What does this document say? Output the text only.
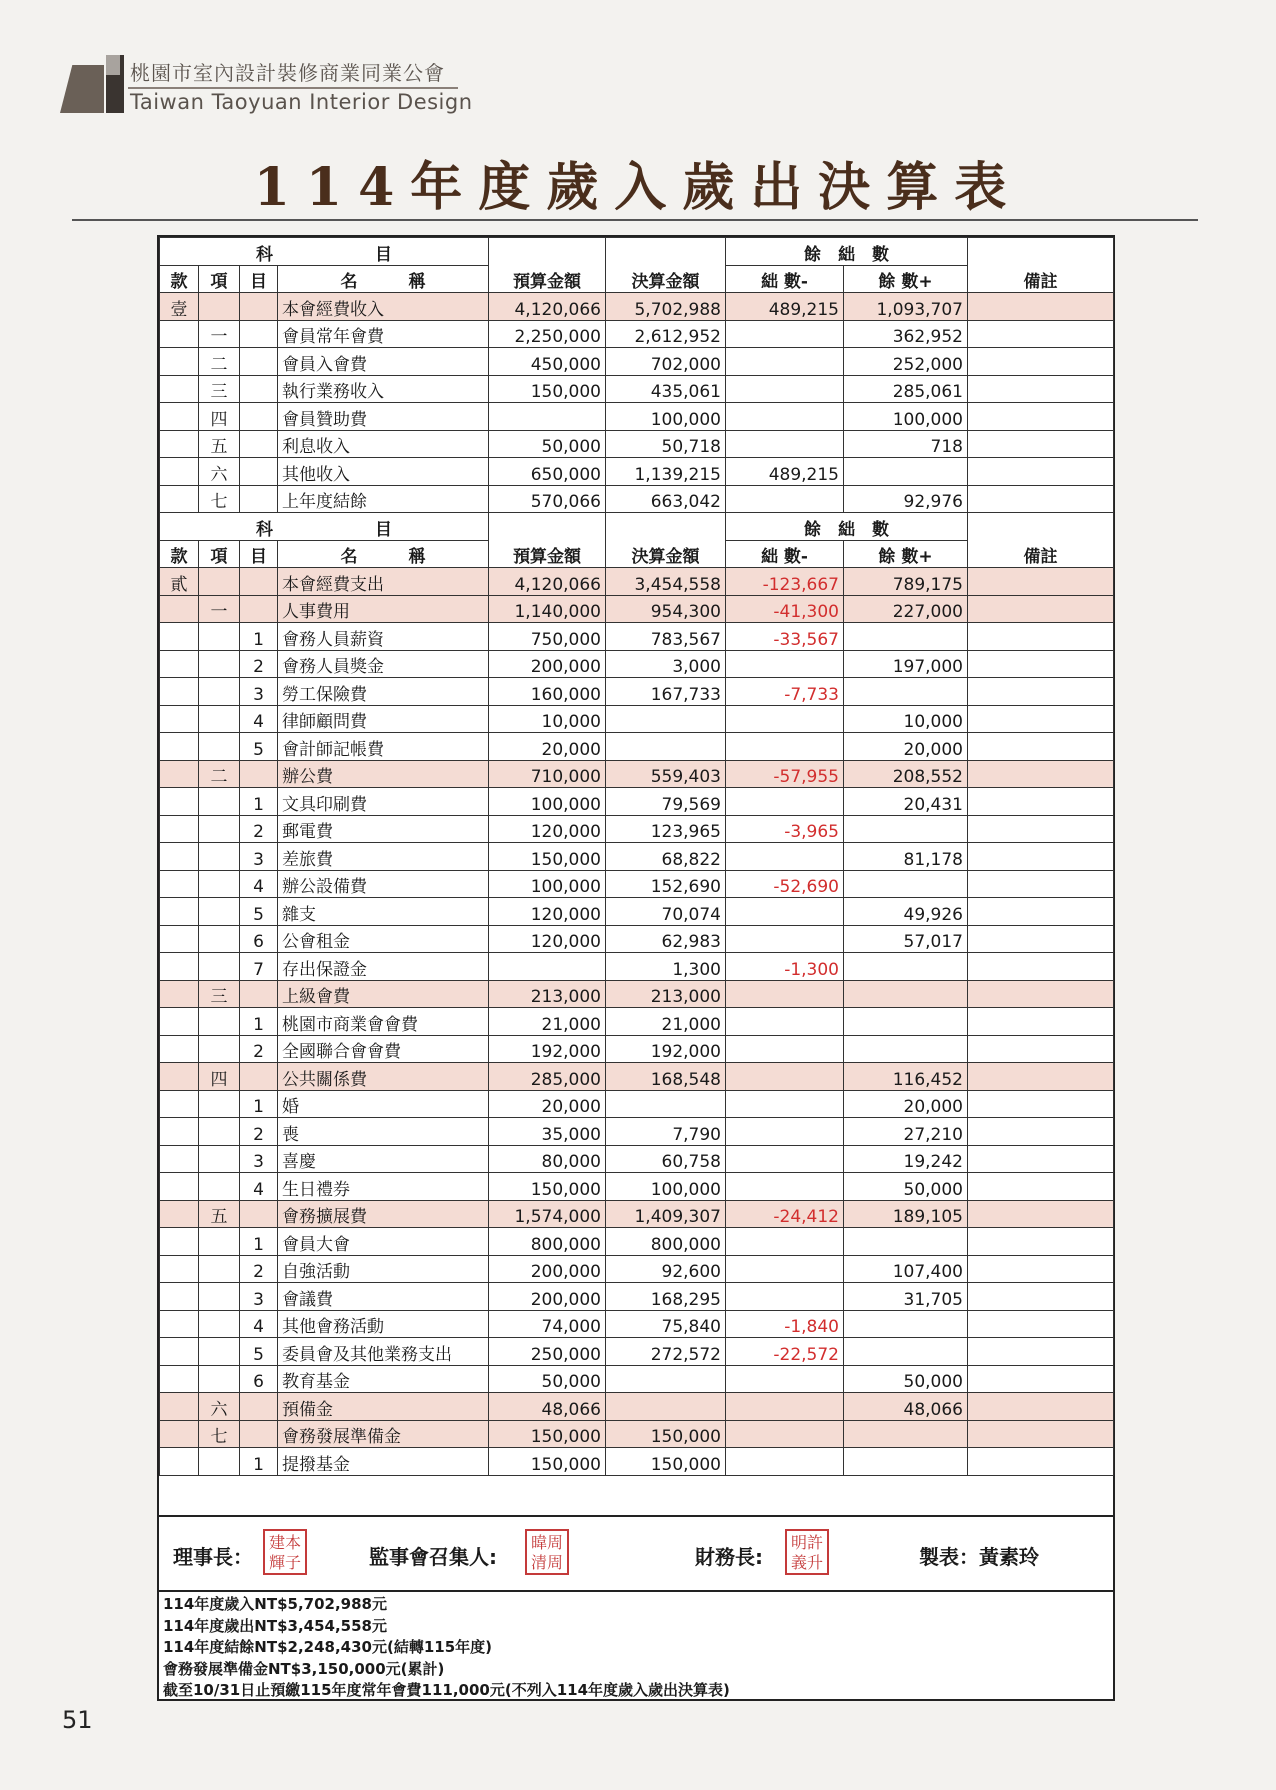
桃園市室內設計裝修商業同業公會
Taiwan Taoyuan Interior Design
114年度歲入歲出決算表
科　　　　　　目				預算金額	決算金額	餘　絀　數		備註
款	項	目	名　　　稱			絀 數-	餘 數+	
壹			本會經費收入	4,120,066	5,702,988	489,215	1,093,707	
	一		會員常年會費	2,250,000	2,612,952		362,952	
	二		會員入會費	450,000	702,000		252,000	
	三		執行業務收入	150,000	435,061		285,061	
	四		會員贊助費		100,000		100,000	
	五		利息收入	50,000	50,718		718	
	六		其他收入	650,000	1,139,215	489,215		
	七		上年度結餘	570,066	663,042		92,976	
科　　　　　　目				預算金額	決算金額	餘　絀　數		備註
款	項	目	名　　　稱			絀 數-	餘 數+	
貳			本會經費支出	4,120,066	3,454,558	-123,667	789,175	
	一		人事費用	1,140,000	954,300	-41,300	227,000	
		1	會務人員薪資	750,000	783,567	-33,567		
		2	會務人員獎金	200,000	3,000		197,000	
		3	勞工保險費	160,000	167,733	-7,733		
		4	律師顧問費	10,000			10,000	
		5	會計師記帳費	20,000			20,000	
	二		辦公費	710,000	559,403	-57,955	208,552	
		1	文具印刷費	100,000	79,569		20,431	
		2	郵電費	120,000	123,965	-3,965		
		3	差旅費	150,000	68,822		81,178	
		4	辦公設備費	100,000	152,690	-52,690		
		5	雜支	120,000	70,074		49,926	
		6	公會租金	120,000	62,983		57,017	
		7	存出保證金		1,300	-1,300		
	三		上級會費	213,000	213,000			
		1	桃園市商業會會費	21,000	21,000			
		2	全國聯合會會費	192,000	192,000			
	四		公共關係費	285,000	168,548		116,452	
		1	婚	20,000			20,000	
		2	喪	35,000	7,790		27,210	
		3	喜慶	80,000	60,758		19,242	
		4	生日禮券	150,000	100,000		50,000	
	五		會務擴展費	1,574,000	1,409,307	-24,412	189,105	
		1	會員大會	800,000	800,000			
		2	自強活動	200,000	92,600		107,400	
		3	會議費	200,000	168,295		31,705	
		4	其他會務活動	74,000	75,840	-1,840		
		5	委員會及其他業務支出	250,000	272,572	-22,572		
		6	教育基金	50,000			50,000	
	六		預備金	48,066			48,066	
	七		會務發展準備金	150,000	150,000			
		1	提撥基金	150,000	150,000			
理事長：
建本輝子	監事會召集人:
暐周清周	財務長:
明許義升	製表：黃素玲
114年度歲入NT$5,702,988元
114年度歲出NT$3,454,558元
114年度結餘NT$2,248,430元(結轉115年度)
會務發展準備金NT$3,150,000元(累計)
截至10/31日止預繳115年度常年會費111,000元(不列入114年度歲入歲出決算表)
51
